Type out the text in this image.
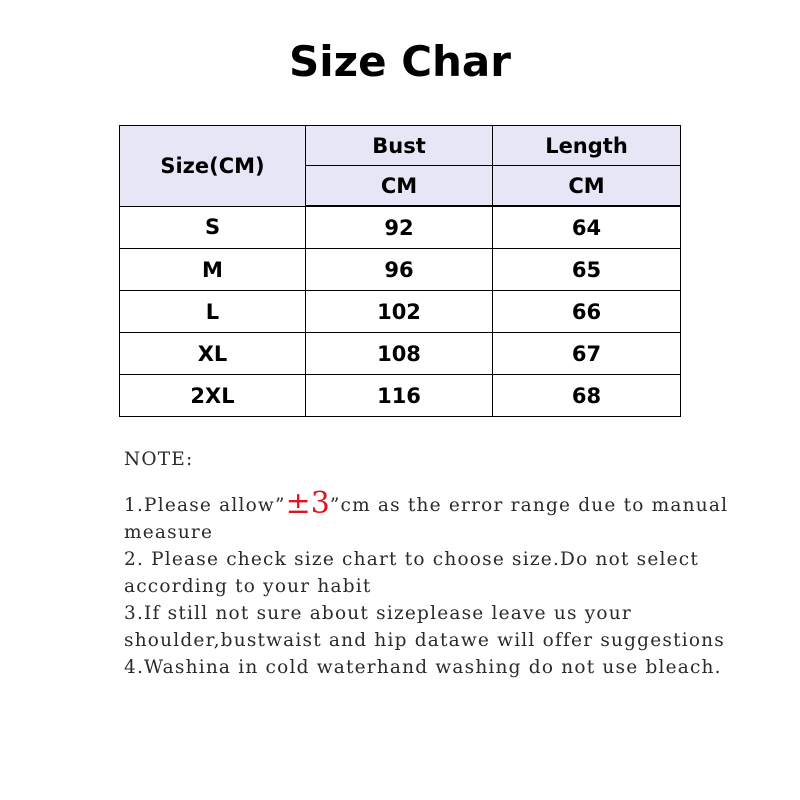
Size Char
Size(CM)	Bust	Length
	CM	CM
S	92	64
M	96	65
L	102	66
XL	108	67
2XL	116	68

NOTE:

1.Please allow”±3”cm as the error range due to manual measure

2. Please check size chart to choose size.Do not select according to your habit

3.If still not sure about sizeplease leave us your shoulder,bustwaist and hip datawe will offer suggestions

4.Washina in cold waterhand washing do not use bleach.
